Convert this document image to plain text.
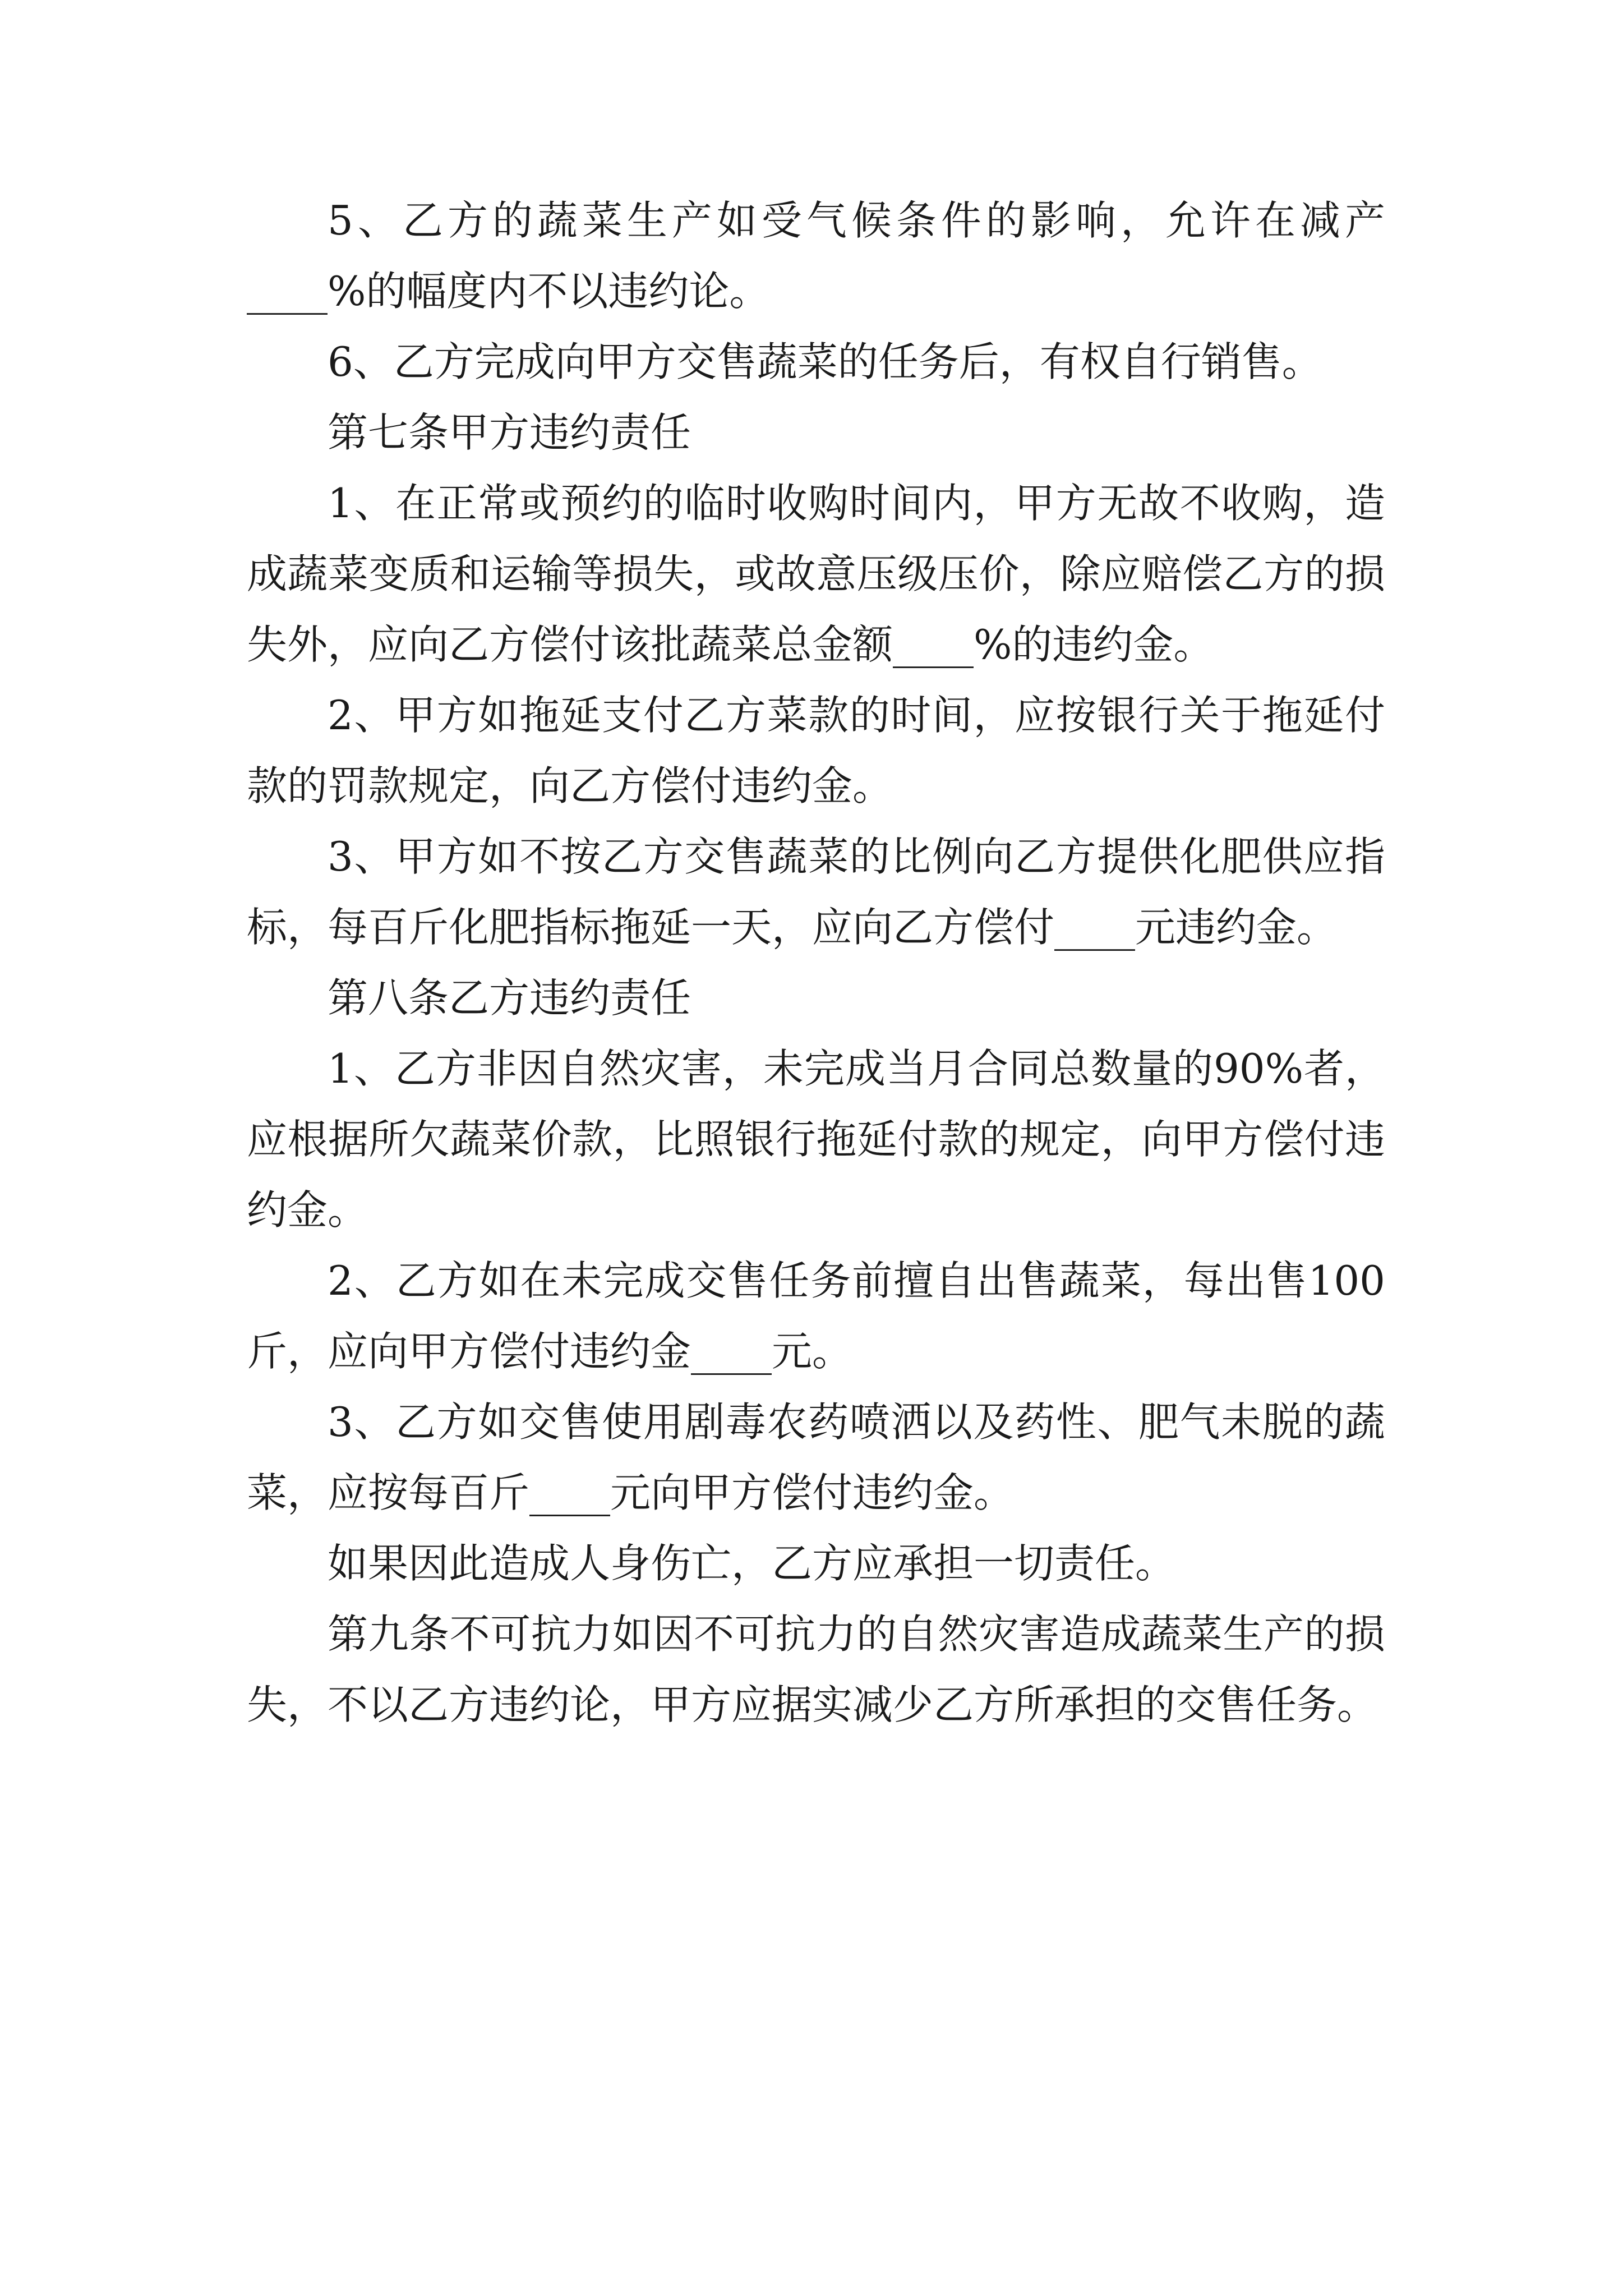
5、乙方的蔬菜生产如受气候条件的影响，允许在减产____%的幅度内不以违约论。

6、乙方完成向甲方交售蔬菜的任务后，有权自行销售。

第七条甲方违约责任

1、在正常或预约的临时收购时间内，甲方无故不收购，造成蔬菜变质和运输等损失，或故意压级压价，除应赔偿乙方的损失外，应向乙方偿付该批蔬菜总金额____%的违约金。

2、甲方如拖延支付乙方菜款的时间，应按银行关于拖延付款的罚款规定，向乙方偿付违约金。

3、甲方如不按乙方交售蔬菜的比例向乙方提供化肥供应指标，每百斤化肥指标拖延一天，应向乙方偿付____元违约金。

第八条乙方违约责任

1、乙方非因自然灾害，未完成当月合同总数量的90%者，应根据所欠蔬菜价款，比照银行拖延付款的规定，向甲方偿付违约金。

2、乙方如在未完成交售任务前擅自出售蔬菜，每出售100斤，应向甲方偿付违约金____元。

3、乙方如交售使用剧毒农药喷洒以及药性、肥气未脱的蔬菜，应按每百斤____元向甲方偿付违约金。

如果因此造成人身伤亡，乙方应承担一切责任。

第九条不可抗力如因不可抗力的自然灾害造成蔬菜生产的损失，不以乙方违约论，甲方应据实减少乙方所承担的交售任务。
